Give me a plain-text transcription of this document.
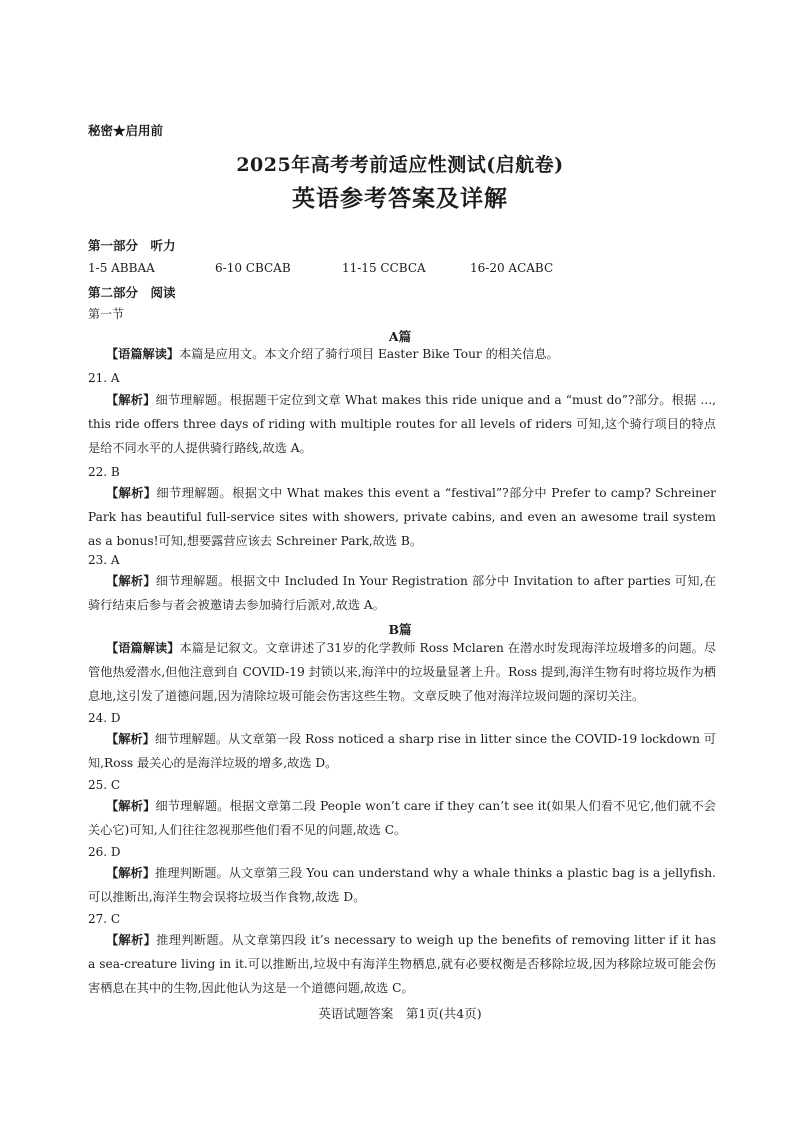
秘密★启用前
2025年高考考前适应性测试(启航卷)
英语参考答案及详解
第一部分　听力
1-5 ABBAA	6-10 CBCAB	11-15 CCBCA	16-20 ACABC
第二部分　阅读
第一节
A篇
【语篇解读】本篇是应用文。本文介绍了骑行项目 Easter Bike Tour 的相关信息。
21. A
【解析】细节理解题。根据题干定位到文章 What makes this ride unique and a “must do”?部分。根据 ..., this ride offers three days of riding with multiple routes for all levels of riders 可知,这个骑行项目的特点是给不同水平的人提供骑行路线,故选 A。
22. B
【解析】细节理解题。根据文中 What makes this event a “festival”?部分中 Prefer to camp? Schreiner Park has beautiful full-service sites with showers, private cabins, and even an awesome trail system as a bonus!可知,想要露营应该去 Schreiner Park,故选 B。
23. A
【解析】细节理解题。根据文中 Included In Your Registration 部分中 Invitation to after parties 可知,在骑行结束后参与者会被邀请去参加骑行后派对,故选 A。
B篇
【语篇解读】本篇是记叙文。文章讲述了31岁的化学教师 Ross Mclaren 在潜水时发现海洋垃圾增多的问题。尽管他热爱潜水,但他注意到自 COVID-19 封锁以来,海洋中的垃圾量显著上升。Ross 提到,海洋生物有时将垃圾作为栖息地,这引发了道德问题,因为清除垃圾可能会伤害这些生物。文章反映了他对海洋垃圾问题的深切关注。
24. D
【解析】细节理解题。从文章第一段 Ross noticed a sharp rise in litter since the COVID-19 lockdown 可知,Ross 最关心的是海洋垃圾的增多,故选 D。
25. C
【解析】细节理解题。根据文章第二段 People won’t care if they can’t see it(如果人们看不见它,他们就不会关心它)可知,人们往往忽视那些他们看不见的问题,故选 C。
26. D
【解析】推理判断题。从文章第三段 You can understand why a whale thinks a plastic bag is a jellyfish.可以推断出,海洋生物会误将垃圾当作食物,故选 D。
27. C
【解析】推理判断题。从文章第四段 it’s necessary to weigh up the benefits of removing litter if it has a sea-creature living in it.可以推断出,垃圾中有海洋生物栖息,就有必要权衡是否移除垃圾,因为移除垃圾可能会伤害栖息在其中的生物,因此他认为这是一个道德问题,故选 C。
英语试题答案　第1页(共4页)
